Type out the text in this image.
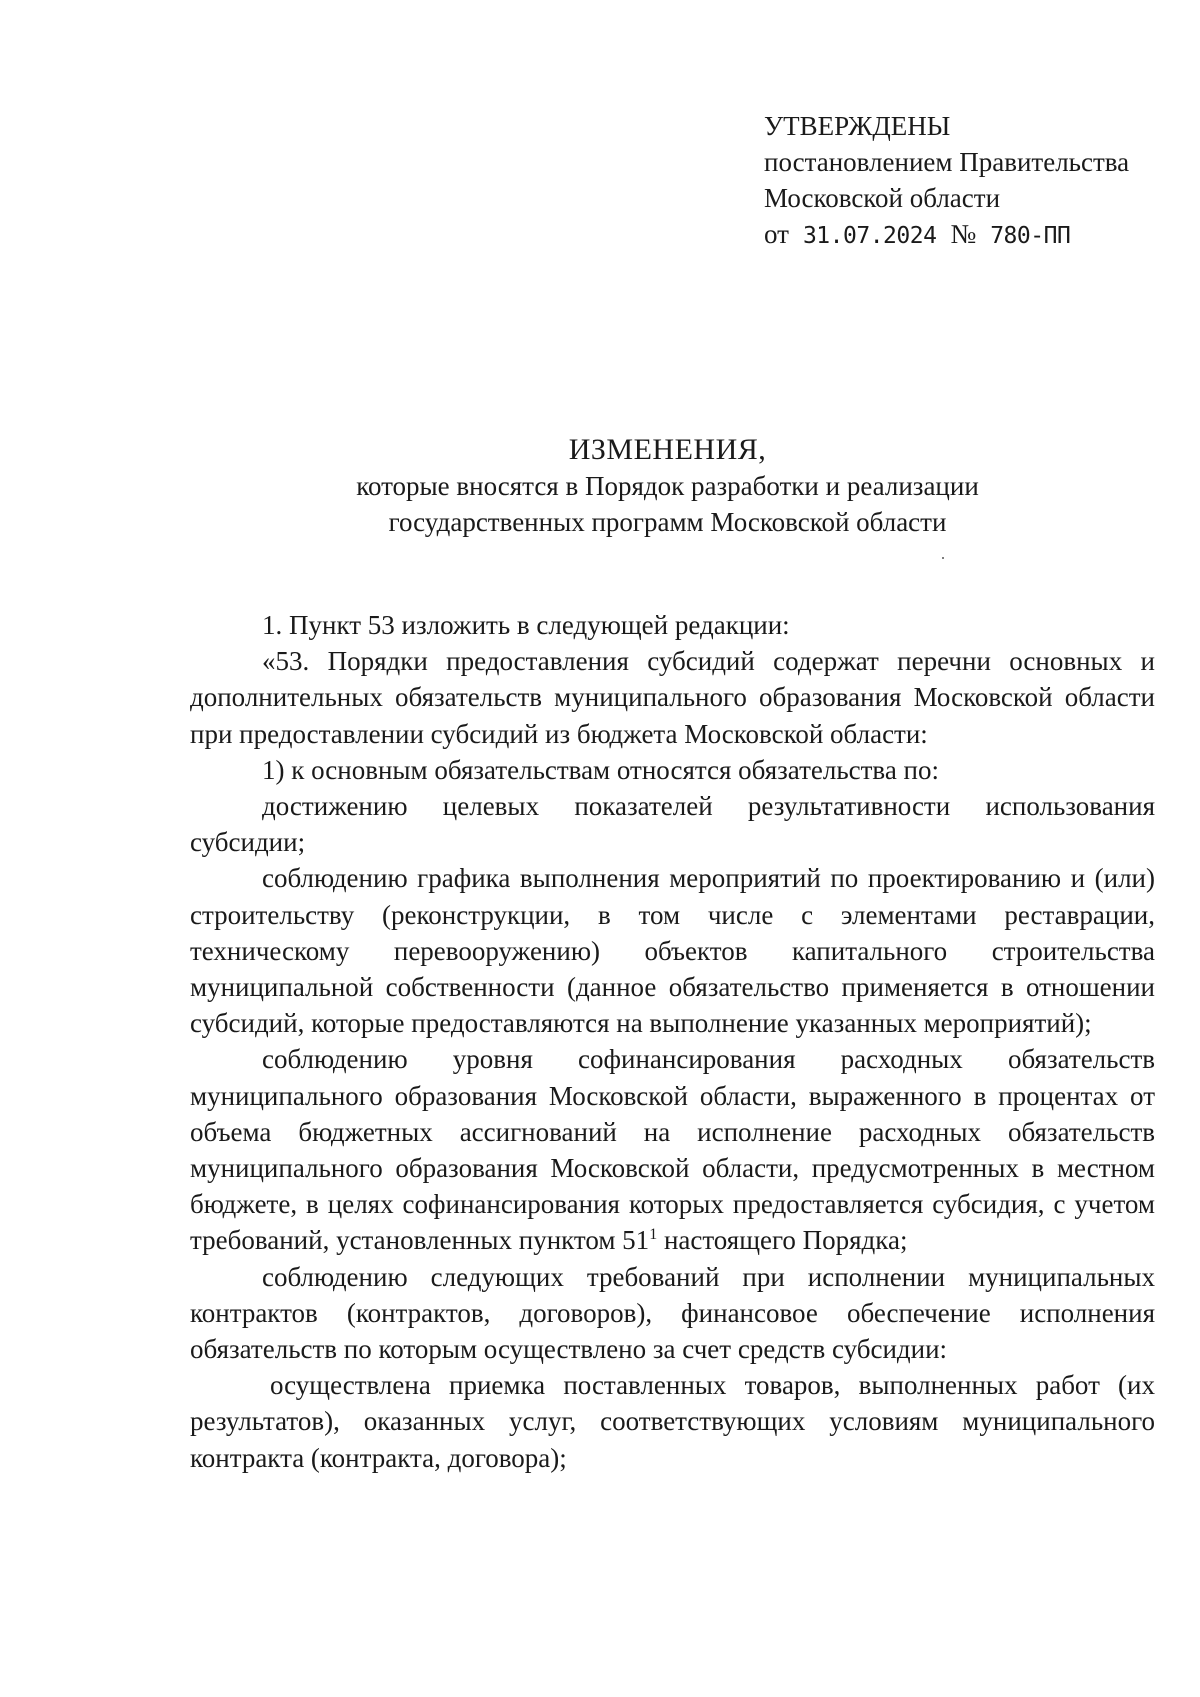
УТВЕРЖДЕНЫ
постановлением Правительства
Московской области
от 31.07.2024 № 780-ПП
ИЗМЕНЕНИЯ,
которые вносятся в Порядок разработки и реализации
государственных программ Московской области

1. Пункт 53 изложить в следующей редакции:

«53. Порядки предоставления субсидий содержат перечни основных и дополнительных обязательств муниципального образования Московской области при предоставлении субсидий из бюджета Московской области:

1) к основным обязательствам относятся обязательства по:

достижению целевых показателей результативности использования субсидии;

соблюдению графика выполнения мероприятий по проектированию и (или) строительству (реконструкции, в том числе с элементами реставрации, техническому перевооружению) объектов капитального строительства муниципальной собственности (данное обязательство применяется в отношении субсидий, которые предоставляются на выполнение указанных мероприятий);

соблюдению уровня софинансирования расходных обязательств муниципального образования Московской области, выраженного в процентах от объема бюджетных ассигнований на исполнение расходных обязательств муниципального образования Московской области, предусмотренных в местном бюджете, в целях софинансирования которых предоставляется субсидия, с учетом требований, установленных пунктом $51^1$ настоящего Порядка;

соблюдению следующих требований при исполнении муниципальных контрактов (контрактов, договоров), финансовое обеспечение исполнения обязательств по которым осуществлено за счет средств субсидии:

осуществлена приемка поставленных товаров, выполненных работ (их результатов), оказанных услуг, соответствующих условиям муниципального контракта (контракта, договора);
